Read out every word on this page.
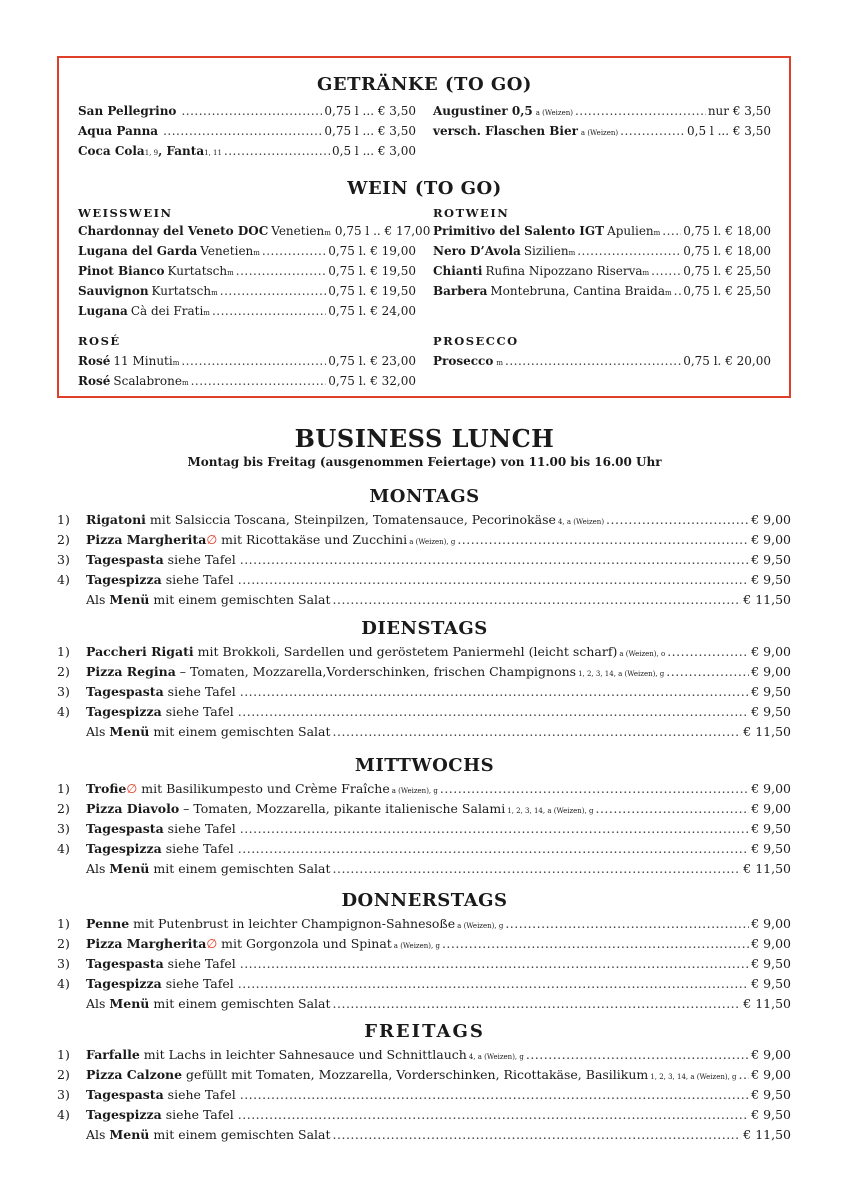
GETRÄNKE (TO GO)
San Pellegrino .....	0,75 l ... € 3,50
Aqua Panna .....	0,75 l ... € 3,50
Coca Cola 1, 9 , Fanta 1, 11 .....	0,5 l ... € 3,00
Augustiner 0,5 a (Weizen) .....	nur € 3,50
versch. Flaschen Bier a (Weizen) .....	0,5 l ... € 3,50
WEIN (TO GO)
WEISSWEIN	ROTWEIN
Chardonnay del Veneto DOC Venetien m 0,75 l .. € 17,00
Lugana del Garda Venetien m .....	0,75 l. € 19,00
Pinot Bianco Kurtatsch m .....	0,75 l. € 19,50
Sauvignon Kurtatsch m .....	0,75 l. € 19,50
Lugana Cà dei Frati m .....	0,75 l. € 24,00
Primitivo del Salento IGT Apulien m ..... 0,75 l. € 18,00
Nero D’Avola Sizilien m .....	0,75 l. € 18,00
Chianti Rufina Nipozzano Riserva m .....	0,75 l. € 25,50
Barbera Montebruna, Cantina Braida m ..... 0,75 l. € 25,50
ROSÉ	PROSECCO
Rosé 11 Minuti m .....	0,75 l. € 23,00
Rosé Scalabrone m .....	0,75 l. € 32,00
Prosecco m .....	0,75 l. € 20,00
BUSINESS LUNCH
Montag bis Freitag (ausgenommen Feiertage) von 11.00 bis 16.00 Uhr
MONTAGS
1)	Rigatoni mit Salsiccia Toscana, Steinpilzen, Tomatensauce, Pecorinokäse 4, a (Weizen) .....	€ 9,00
2)	Pizza Margherita ∅ mit Ricottakäse und Zucchini a (Weizen), g .....	€ 9,00
3)	Tagespasta siehe Tafel .....	€ 9,50
4)	Tagespizza siehe Tafel .....	€ 9,50
Als Menü mit einem gemischten Salat .....	€ 11,50
DIENSTAGS
1)	Paccheri Rigati mit Brokkoli, Sardellen und geröstetem Paniermehl (leicht scharf) a (Weizen), o .....	€ 9,00
2)	Pizza Regina – Tomaten, Mozzarella,Vorderschinken, frischen Champignons 1, 2, 3, 14, a (Weizen), g .....	€ 9,00
3)	Tagespasta siehe Tafel .....	€ 9,50
4)	Tagespizza siehe Tafel .....	€ 9,50
Als Menü mit einem gemischten Salat .....	€ 11,50
MITTWOCHS
1)	Trofie ∅ mit Basilikumpesto und Crème Fraîche a (Weizen), g .....	€ 9,00
2)	Pizza Diavolo – Tomaten, Mozzarella, pikante italienische Salami 1, 2, 3, 14, a (Weizen), g .....	€ 9,00
3)	Tagespasta siehe Tafel .....	€ 9,50
4)	Tagespizza siehe Tafel .....	€ 9,50
Als Menü mit einem gemischten Salat .....	€ 11,50
DONNERSTAGS
1)	Penne mit Putenbrust in leichter Champignon-Sahnesoße a (Weizen), g .....	€ 9,00
2)	Pizza Margherita ∅ mit Gorgonzola und Spinat a (Weizen), g .....	€ 9,00
3)	Tagespasta siehe Tafel .....	€ 9,50
4)	Tagespizza siehe Tafel .....	€ 9,50
Als Menü mit einem gemischten Salat .....	€ 11,50
FREITAGS
1)	Farfalle mit Lachs in leichter Sahnesauce und Schnittlauch 4, a (Weizen), g .....	€ 9,00
2)	Pizza Calzone gefüllt mit Tomaten, Mozzarella, Vorderschinken, Ricottakäse, Basilikum 1, 2, 3, 14, a (Weizen), g ..... € 9,00
3)	Tagespasta siehe Tafel .....	€ 9,50
4)	Tagespizza siehe Tafel .....	€ 9,50
Als Menü mit einem gemischten Salat .....	€ 11,50
